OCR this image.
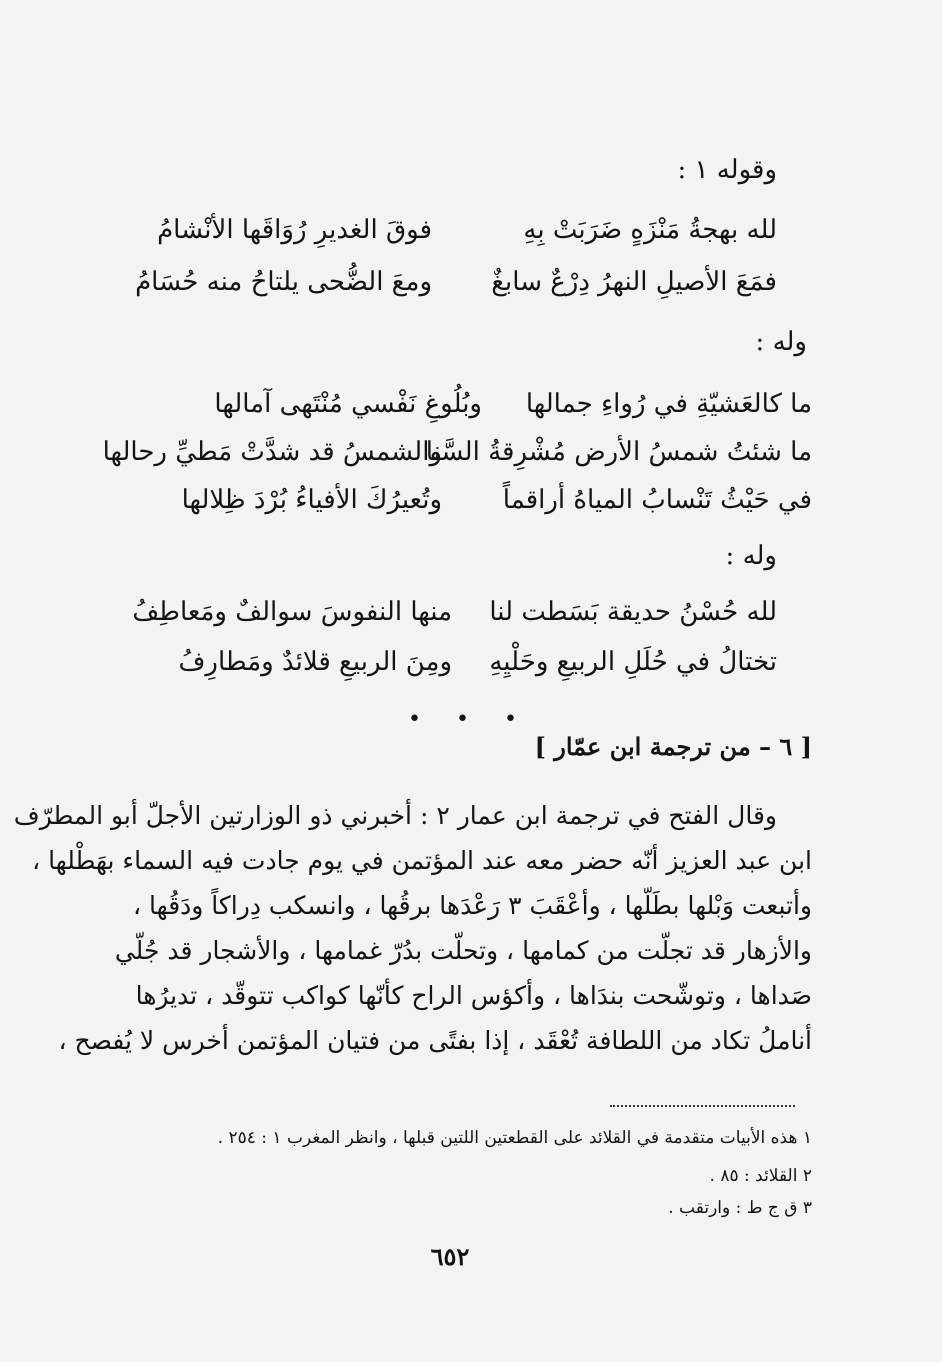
وقوله ١ :
لله بهجةُ مَنْزَهٍ ضَرَبَتْ بِهِ
فوقَ الغديرِ رُوَاقَها الأنْشامُ
فمَعَ الأصيلِ النهرُ دِرْعٌ سابغٌ
ومعَ الضُّحى يلتاحُ منه حُسَامُ
وله :
ما كالعَشيّةِ في رُواءِ جمالها
وبُلُوغِ نَفْسي مُنْتَهى آمالها
ما شئتُ شمسُ الأرض مُشْرِقةُ السَّنا
والشمسُ قد شدَّتْ مَطيِّ رحالها
في حَيْثُ تَنْسابُ المياهُ أراقماً
وتُعيرُكَ الأفياءُ بُرْدَ ظِلالها
وله :
لله حُسْنُ حديقة بَسَطت لنا
منها النفوسَ سوالفٌ ومَعاطِفُ
تختالُ في حُلَلِ الربيعِ وحَلْيِهِ
ومِنَ الربيعِ قلائدٌ ومَطارِفُ
• • •
[ ٦ – من ترجمة ابن عمّار ]
وقال الفتح في ترجمة ابن عمار ٢ : أخبرني ذو الوزارتين الأجلّ أبو المطرّف
ابن عبد العزيز أنّه حضر معه عند المؤتمن في يوم جادت فيه السماء بهَطْلها ،
وأتبعت وَبْلها بطَلّها ، وأعْقَبَ ٣ رَعْدَها برقُها ، وانسكب دِراكاً ودَقُها ،
والأزهار قد تجلّت من كمامها ، وتحلّت بدُرّ غمامها ، والأشجار قد جُلّي
صَداها ، وتوشّحت بندَاها ، وأكؤس الراح كأنّها كواكب تتوقّد ، تديرُها
أناملُ تكاد من اللطافة تُعْقَد ، إذا بفتًى من فتيان المؤتمن أخرس لا يُفصح ،
١ هذه الأبيات متقدمة في القلائد على القطعتين اللتين قبلها ، وانظر المغرب ١ : ٢٥٤ .
٢ القلائد : ٨٥ .
٣ ق ج ط : وارتقب .
٦٥٢
